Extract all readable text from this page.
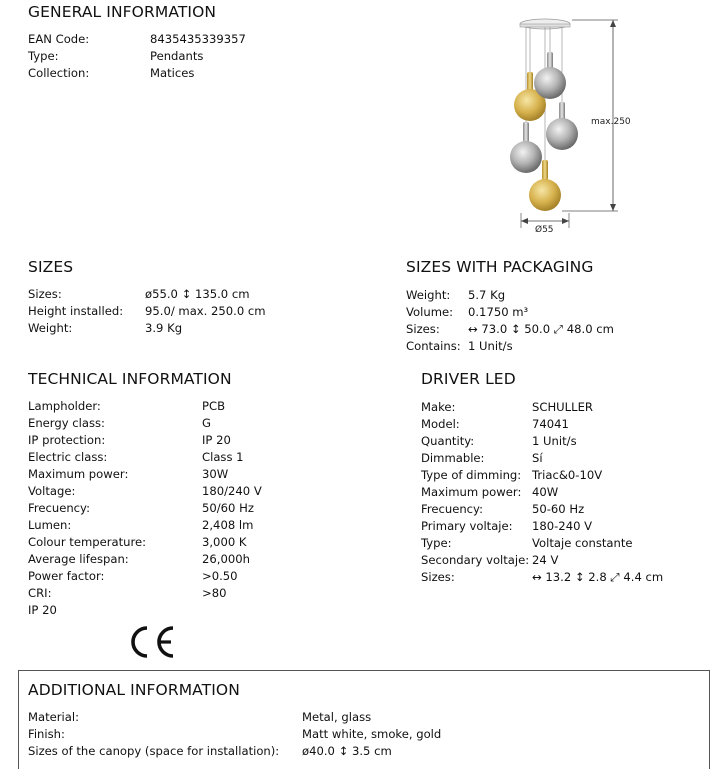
GENERAL INFORMATION
EAN Code:	8435435339357
Type:	Pendants
Collection:	Matices
max.250
Ø55
SIZES
Sizes:	ø55.0 ↕ 135.0 cm
Height installed: 95.0/ max. 250.0 cm
Weight:	3.9 Kg
SIZES WITH PACKAGING
Weight: 5.7 Kg
Volume: 0.1750 m³
Sizes: ↔ 73.0 ↕ 50.0 ⤢ 48.0 cm
Contains: 1 Unit/s
TECHNICAL INFORMATION
Lampholder:	PCB
Energy class:	G
IP protection:	IP 20
Electric class:	Class 1
Maximum power:	30W
Voltage:	180/240 V
Frecuency:	50/60 Hz
Lumen:	2,408 lm
Colour temperature:	3,000 K
Average lifespan:	26,000h
Power factor:	>0.50
CRI:	>80
IP 20
DRIVER LED
Make:	SCHULLER
Model:	74041
Quantity:	1 Unit/s
Dimmable:	Sí
Type of dimming: Triac&0-10V
Maximum power: 40W
Frecuency:	50-60 Hz
Primary voltaje: 180-240 V
Type:	Voltaje constante
Secondary voltaje: 24 V
Sizes:	↔ 13.2 ↕ 2.8 ⤢ 4.4 cm
ADDITIONAL INFORMATION
Material:	Metal, glass
Finish:	Matt white, smoke, gold
Sizes of the canopy (space for installation): ø40.0 ↕ 3.5 cm
